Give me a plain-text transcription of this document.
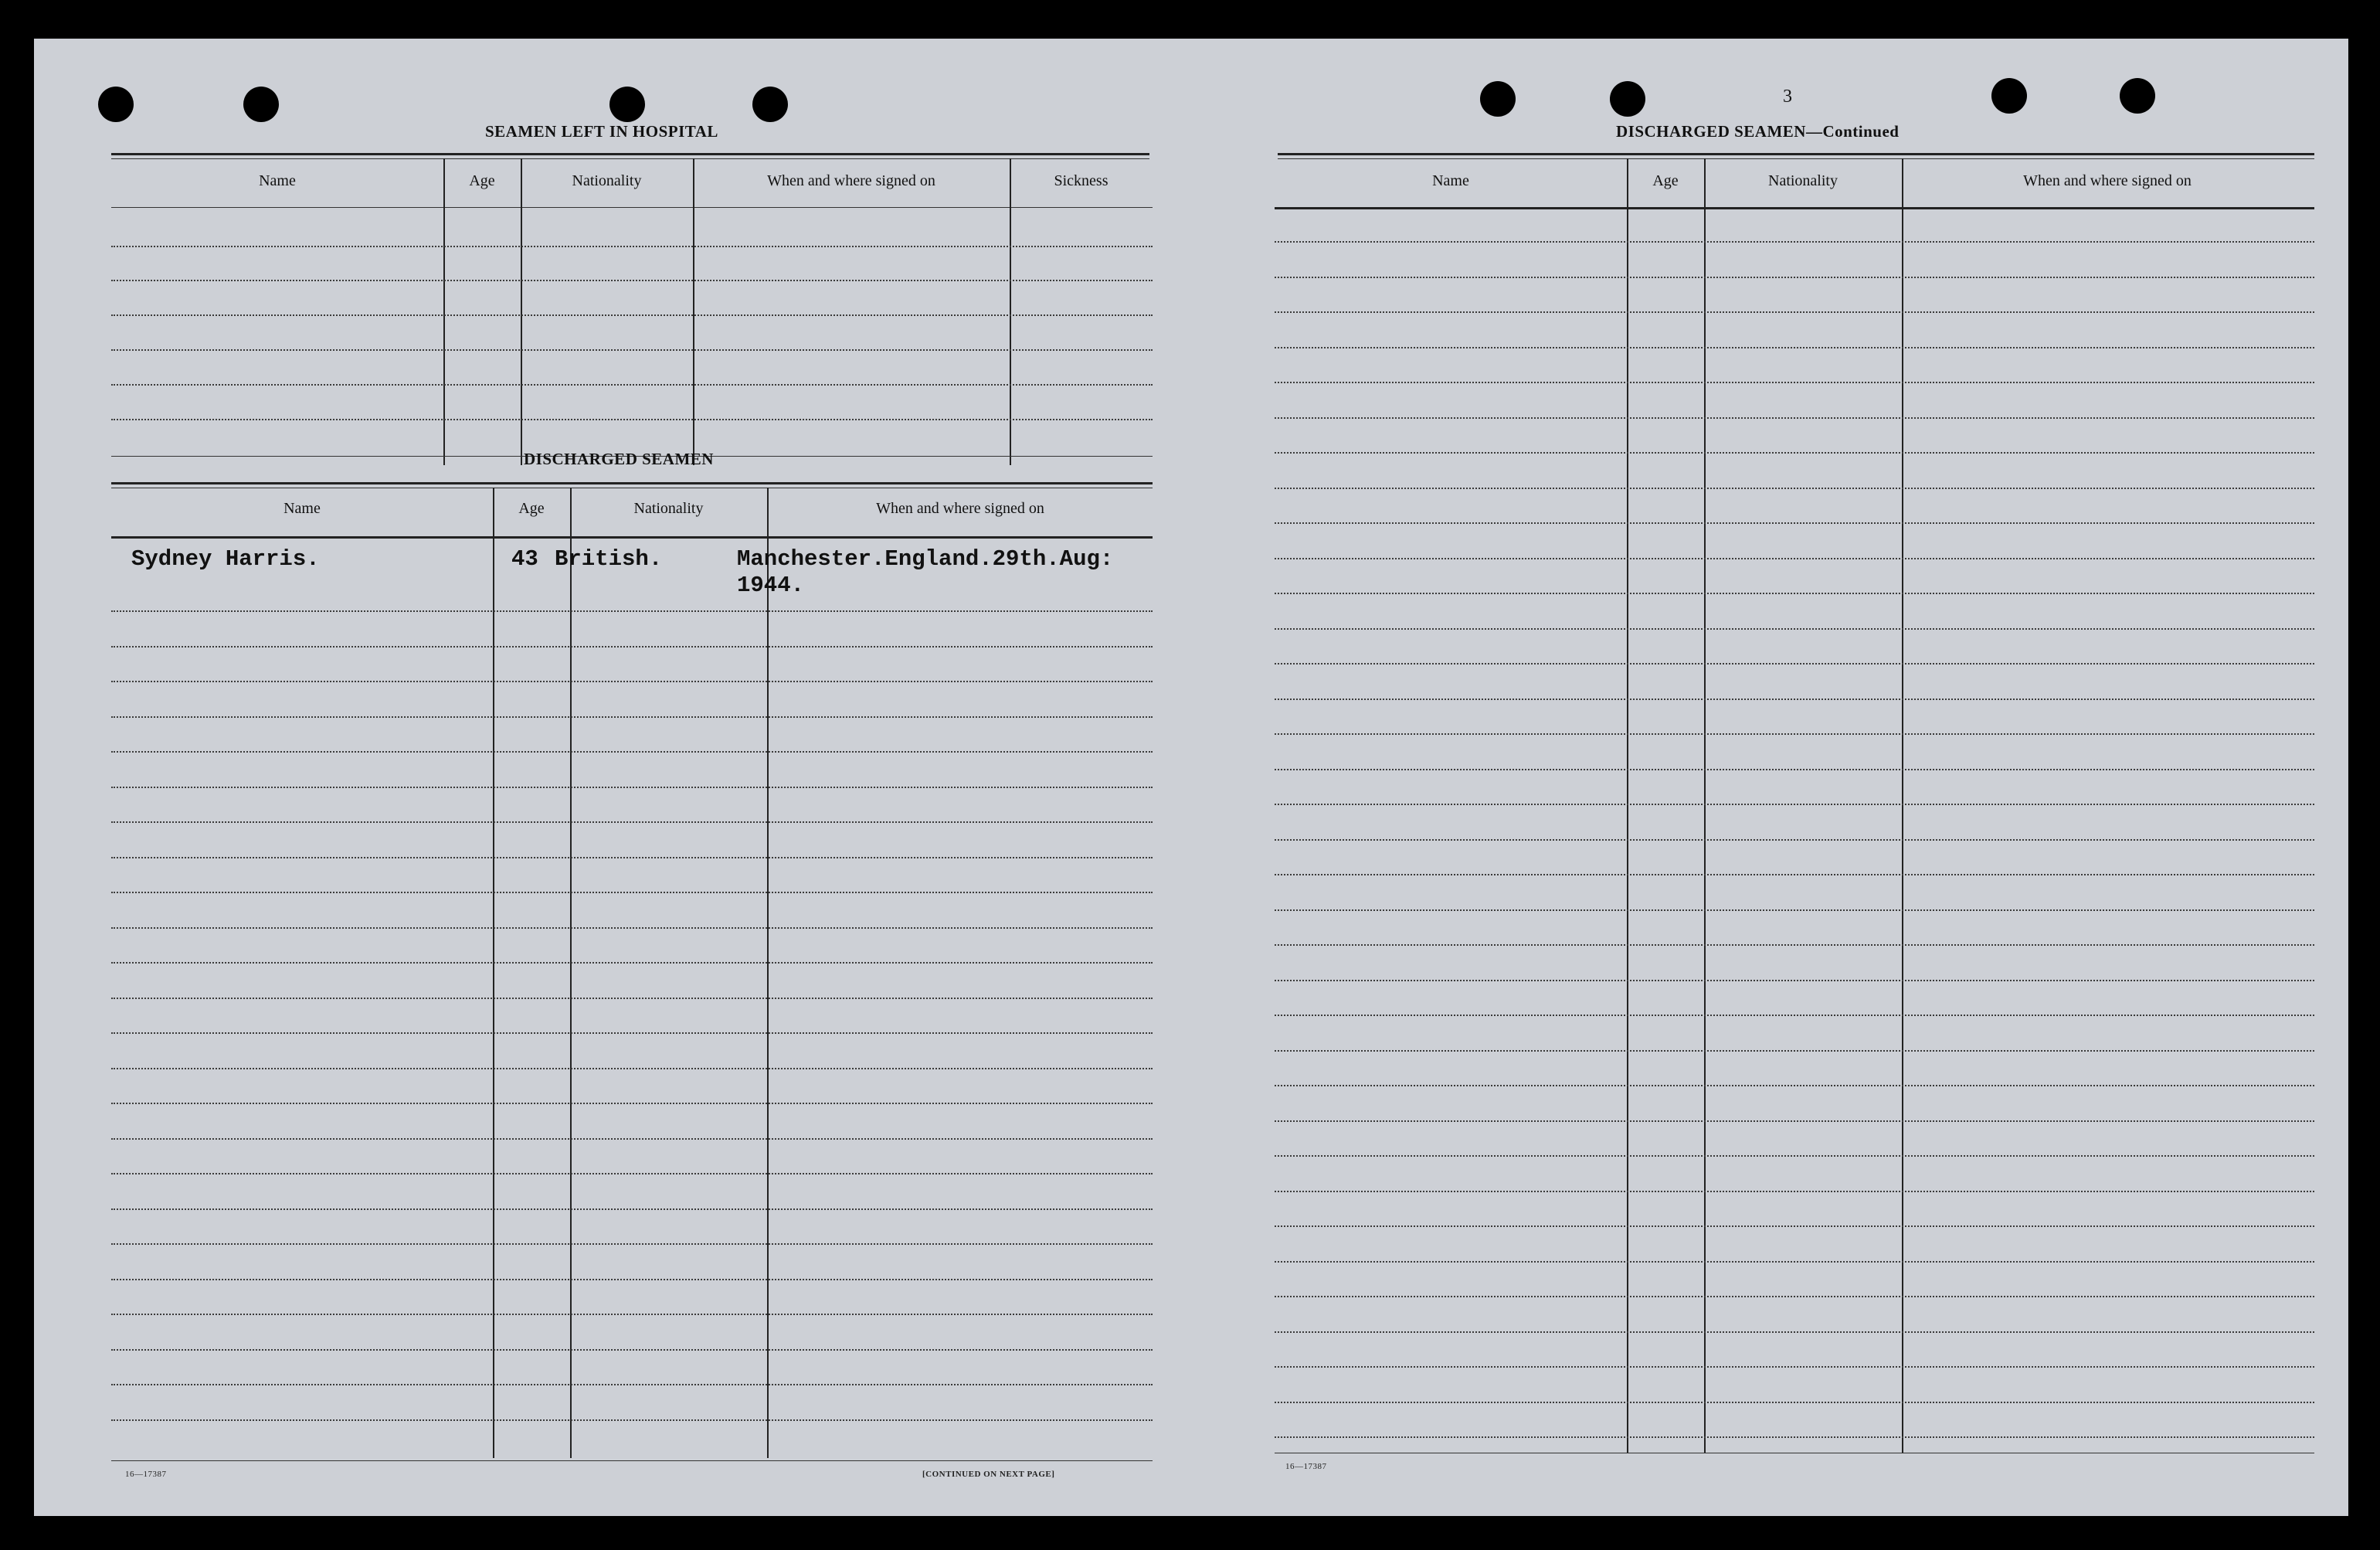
SEAMEN LEFT IN HOSPITAL
Name	Age	Nationality	When and where signed on	Sickness
DISCHARGED SEAMEN
Name	Age	Nationality	When and where signed on
Sydney Harris.	43 British.	Manchester.England.29th.Aug:
1944.
16—17387	[CONTINUED ON NEXT PAGE]
3
DISCHARGED SEAMEN—Continued
Name	Age	Nationality	When and where signed on
16—17387
